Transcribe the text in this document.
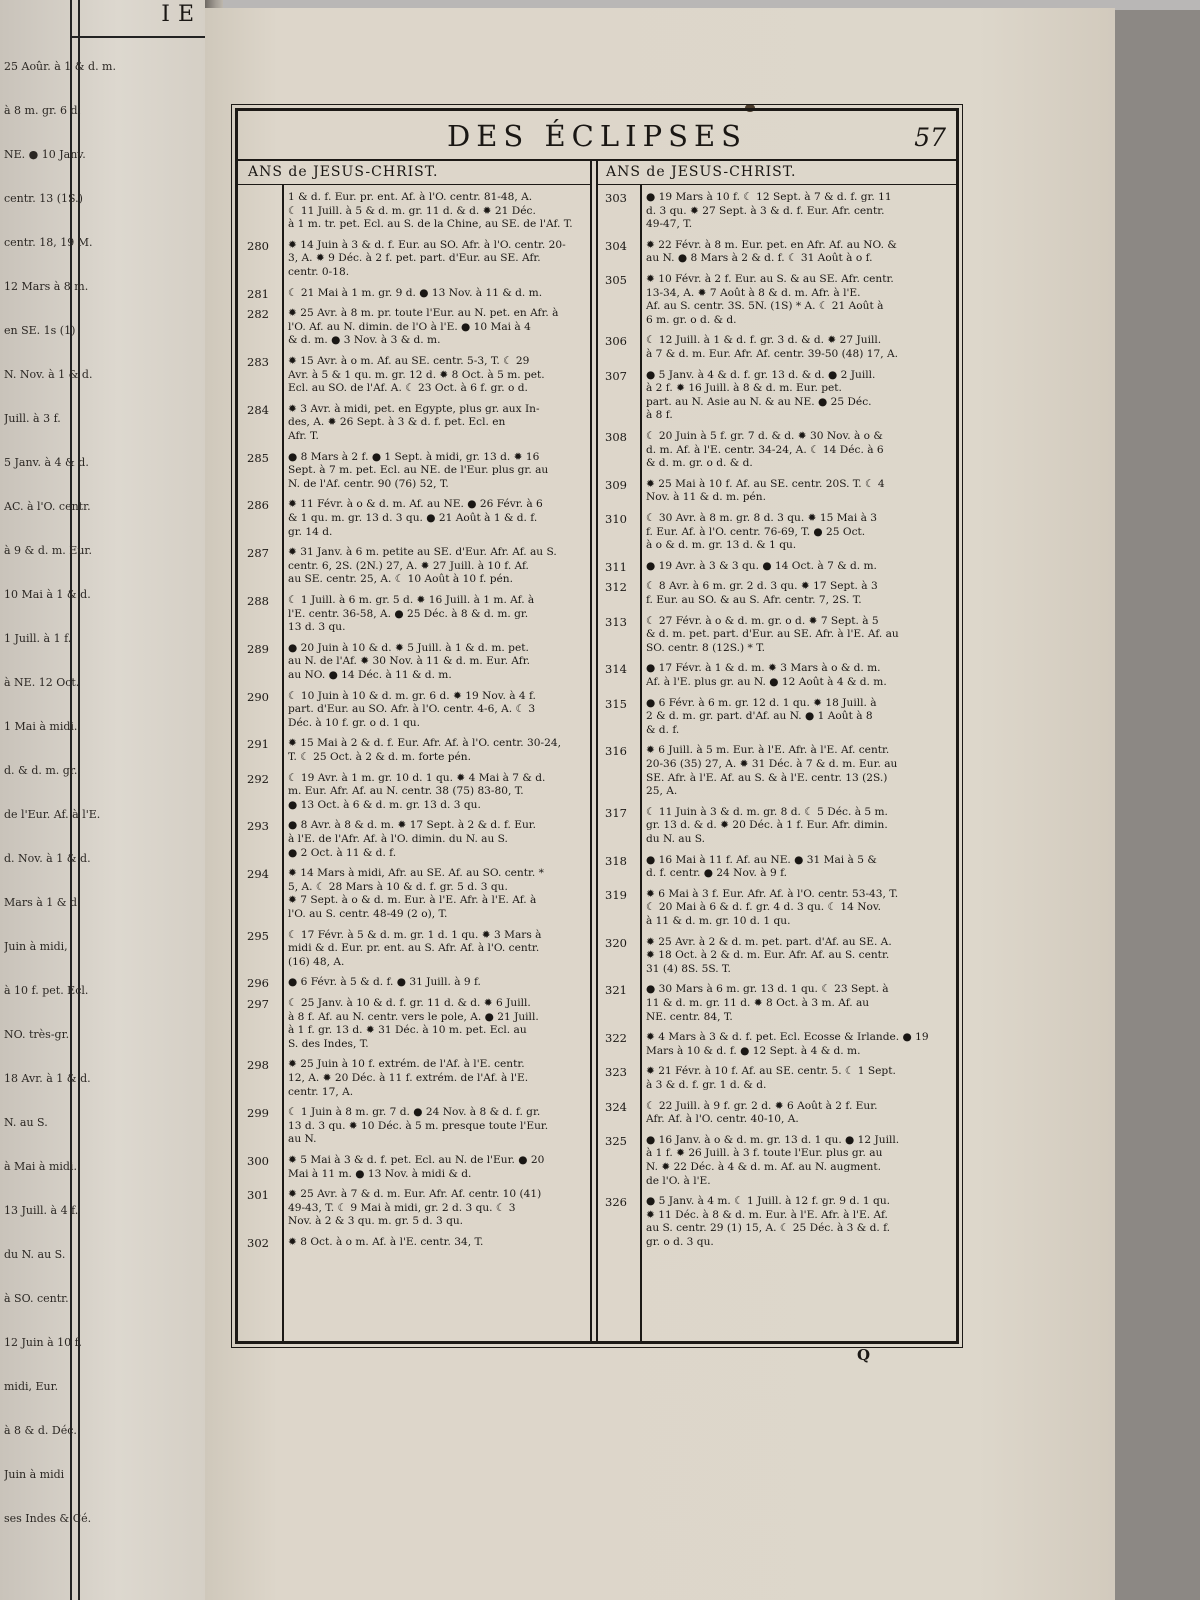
IE
25 Aoûr. à 1 & d. m.
à 8 m. gr. 6 d.
NE. ● 10 Janv.
centr. 13 (1S.)
centr. 18, 19 M.
12 Mars à 8 m.
en SE. 1s (1)
N. Nov. à 1 & d.
Juill. à 3 f.
5 Janv. à 4 & d.
AC. à l'O. centr.
à 9 & d. m. Eur.
10 Mai à 1 & d.
1 Juill. à 1 f.
à NE. 12 Oct.
1 Mai à midi.
d. & d. m. gr.
de l'Eur. Af. à l'E.
d. Nov. à 1 & d.
Mars à 1 & d.
Juin à midi,
à 10 f. pet. Ecl.
NO. très-gr.
18 Avr. à 1 & d.
N. au S.
à Mai à midi.
13 Juill. à 4 f.
du N. au S.
à SO. centr.
12 Juin à 10 f.
midi, Eur.
à 8 & d. Déc.
Juin à midi
ses Indes & Cé.
DES ÉCLIPSES	57
ANS de JESUS-CHRIST.
1 & d. f. Eur. pr. ent. Af. à l'O. centr. 81-48, A.
☾ 11 Juill. à 5 & d. m. gr. 11 d. & d. ✹ 21 Déc.
à 1 m. tr. pet. Ecl. au S. de la Chine, au SE. de l'Af. T.
280	✹ 14 Juin à 3 & d. f. Eur. au SO. Afr. à l'O. centr. 20-
3, A. ✹ 9 Déc. à 2 f. pet. part. d'Eur. au SE. Afr.
centr. 0-18.
281	☾ 21 Mai à 1 m. gr. 9 d. ● 13 Nov. à 11 & d. m.
282	✹ 25 Avr. à 8 m. pr. toute l'Eur. au N. pet. en Afr. à
l'O. Af. au N. dimin. de l'O à l'E. ● 10 Mai à 4
& d. m. ● 3 Nov. à 3 & d. m.
283	✹ 15 Avr. à o m. Af. au SE. centr. 5-3, T. ☾ 29
Avr. à 5 & 1 qu. m. gr. 12 d. ✹ 8 Oct. à 5 m. pet.
Ecl. au SO. de l'Af. A. ☾ 23 Oct. à 6 f. gr. o d.
284	✹ 3 Avr. à midi, pet. en Egypte, plus gr. aux In-
des, A. ✹ 26 Sept. à 3 & d. f. pet. Ecl. en
Afr. T.
285	● 8 Mars à 2 f. ● 1 Sept. à midi, gr. 13 d. ✹ 16
Sept. à 7 m. pet. Ecl. au NE. de l'Eur. plus gr. au
N. de l'Af. centr. 90 (76) 52, T.
286	✹ 11 Févr. à o & d. m. Af. au NE. ● 26 Févr. à 6
& 1 qu. m. gr. 13 d. 3 qu. ● 21 Août à 1 & d. f.
gr. 14 d.
287	✹ 31 Janv. à 6 m. petite au SE. d'Eur. Afr. Af. au S.
centr. 6, 2S. (2N.) 27, A. ✹ 27 Juill. à 10 f. Af.
au SE. centr. 25, A. ☾ 10 Août à 10 f. pén.
288	☾ 1 Juill. à 6 m. gr. 5 d. ✹ 16 Juill. à 1 m. Af. à
l'E. centr. 36-58, A. ● 25 Déc. à 8 & d. m. gr.
13 d. 3 qu.
289	● 20 Juin à 10 & d. ✹ 5 Juill. à 1 & d. m. pet.
au N. de l'Af. ✹ 30 Nov. à 11 & d. m. Eur. Afr.
au NO. ● 14 Déc. à 11 & d. m.
290	☾ 10 Juin à 10 & d. m. gr. 6 d. ✹ 19 Nov. à 4 f.
part. d'Eur. au SO. Afr. à l'O. centr. 4-6, A. ☾ 3
Déc. à 10 f. gr. o d. 1 qu.
291	✹ 15 Mai à 2 & d. f. Eur. Afr. Af. à l'O. centr. 30-24,
T. ☾ 25 Oct. à 2 & d. m. forte pén.
292	☾ 19 Avr. à 1 m. gr. 10 d. 1 qu. ✹ 4 Mai à 7 & d.
m. Eur. Afr. Af. au N. centr. 38 (75) 83-80, T.
● 13 Oct. à 6 & d. m. gr. 13 d. 3 qu.
293	● 8 Avr. à 8 & d. m. ✹ 17 Sept. à 2 & d. f. Eur.
à l'E. de l'Afr. Af. à l'O. dimin. du N. au S.
● 2 Oct. à 11 & d. f.
294	✹ 14 Mars à midi, Afr. au SE. Af. au SO. centr. *
5, A. ☾ 28 Mars à 10 & d. f. gr. 5 d. 3 qu.
✹ 7 Sept. à o & d. m. Eur. à l'E. Afr. à l'E. Af. à
l'O. au S. centr. 48-49 (2 o), T.
295	☾ 17 Févr. à 5 & d. m. gr. 1 d. 1 qu. ✹ 3 Mars à
midi & d. Eur. pr. ent. au S. Afr. Af. à l'O. centr.
(16) 48, A.
296	● 6 Févr. à 5 & d. f. ● 31 Juill. à 9 f.
297	☾ 25 Janv. à 10 & d. f. gr. 11 d. & d. ✹ 6 Juill.
à 8 f. Af. au N. centr. vers le pole, A. ● 21 Juill.
à 1 f. gr. 13 d. ✹ 31 Déc. à 10 m. pet. Ecl. au
S. des Indes, T.
298	✹ 25 Juin à 10 f. extrém. de l'Af. à l'E. centr.
12, A. ✹ 20 Déc. à 11 f. extrém. de l'Af. à l'E.
centr. 17, A.
299	☾ 1 Juin à 8 m. gr. 7 d. ● 24 Nov. à 8 & d. f. gr.
13 d. 3 qu. ✹ 10 Déc. à 5 m. presque toute l'Eur.
au N.
300	✹ 5 Mai à 3 & d. f. pet. Ecl. au N. de l'Eur. ● 20
Mai à 11 m. ● 13 Nov. à midi & d.
301	✹ 25 Avr. à 7 & d. m. Eur. Afr. Af. centr. 10 (41)
49-43, T. ☾ 9 Mai à midi, gr. 2 d. 3 qu. ☾ 3
Nov. à 2 & 3 qu. m. gr. 5 d. 3 qu.
302	✹ 8 Oct. à o m. Af. à l'E. centr. 34, T.
ANS de JESUS-CHRIST.
303	● 19 Mars à 10 f. ☾ 12 Sept. à 7 & d. f. gr. 11
d. 3 qu. ✹ 27 Sept. à 3 & d. f. Eur. Afr. centr.
49-47, T.
304	✹ 22 Févr. à 8 m. Eur. pet. en Afr. Af. au NO. &
au N. ● 8 Mars à 2 & d. f. ☾ 31 Août à o f.
305	✹ 10 Févr. à 2 f. Eur. au S. & au SE. Afr. centr.
13-34, A. ✹ 7 Août à 8 & d. m. Afr. à l'E.
Af. au S. centr. 3S. 5N. (1S) * A. ☾ 21 Août à
6 m. gr. o d. & d.
306	☾ 12 Juill. à 1 & d. f. gr. 3 d. & d. ✹ 27 Juill.
à 7 & d. m. Eur. Afr. Af. centr. 39-50 (48) 17, A.
307	● 5 Janv. à 4 & d. f. gr. 13 d. & d. ● 2 Juill.
à 2 f. ✹ 16 Juill. à 8 & d. m. Eur. pet.
part. au N. Asie au N. & au NE. ● 25 Déc.
à 8 f.
308	☾ 20 Juin à 5 f. gr. 7 d. & d. ✹ 30 Nov. à o &
d. m. Af. à l'E. centr. 34-24, A. ☾ 14 Déc. à 6
& d. m. gr. o d. & d.
309	✹ 25 Mai à 10 f. Af. au SE. centr. 20S. T. ☾ 4
Nov. à 11 & d. m. pén.
310	☾ 30 Avr. à 8 m. gr. 8 d. 3 qu. ✹ 15 Mai à 3
f. Eur. Af. à l'O. centr. 76-69, T. ● 25 Oct.
à o & d. m. gr. 13 d. & 1 qu.
311	● 19 Avr. à 3 & 3 qu. ● 14 Oct. à 7 & d. m.
312	☾ 8 Avr. à 6 m. gr. 2 d. 3 qu. ✹ 17 Sept. à 3
f. Eur. au SO. & au S. Afr. centr. 7, 2S. T.
313	☾ 27 Févr. à o & d. m. gr. o d. ✹ 7 Sept. à 5
& d. m. pet. part. d'Eur. au SE. Afr. à l'E. Af. au
SO. centr. 8 (12S.) * T.
314	● 17 Févr. à 1 & d. m. ✹ 3 Mars à o & d. m.
Af. à l'E. plus gr. au N. ● 12 Août à 4 & d. m.
315	● 6 Févr. à 6 m. gr. 12 d. 1 qu. ✹ 18 Juill. à
2 & d. m. gr. part. d'Af. au N. ● 1 Août à 8
& d. f.
316	✹ 6 Juill. à 5 m. Eur. à l'E. Afr. à l'E. Af. centr.
20-36 (35) 27, A. ✹ 31 Déc. à 7 & d. m. Eur. au
SE. Afr. à l'E. Af. au S. & à l'E. centr. 13 (2S.)
25, A.
317	☾ 11 Juin à 3 & d. m. gr. 8 d. ☾ 5 Déc. à 5 m.
gr. 13 d. & d. ✹ 20 Déc. à 1 f. Eur. Afr. dimin.
du N. au S.
318	● 16 Mai à 11 f. Af. au NE. ● 31 Mai à 5 &
d. f. centr. ● 24 Nov. à 9 f.
319	✹ 6 Mai à 3 f. Eur. Afr. Af. à l'O. centr. 53-43, T.
☾ 20 Mai à 6 & d. f. gr. 4 d. 3 qu. ☾ 14 Nov.
à 11 & d. m. gr. 10 d. 1 qu.
320	✹ 25 Avr. à 2 & d. m. pet. part. d'Af. au SE. A.
✹ 18 Oct. à 2 & d. m. Eur. Afr. Af. au S. centr.
31 (4) 8S. 5S. T.
321	● 30 Mars à 6 m. gr. 13 d. 1 qu. ☾ 23 Sept. à
11 & d. m. gr. 11 d. ✹ 8 Oct. à 3 m. Af. au
NE. centr. 84, T.
322	✹ 4 Mars à 3 & d. f. pet. Ecl. Ecosse & Irlande. ● 19
Mars à 10 & d. f. ● 12 Sept. à 4 & d. m.
323	✹ 21 Févr. à 10 f. Af. au SE. centr. 5. ☾ 1 Sept.
à 3 & d. f. gr. 1 d. & d.
324	☾ 22 Juill. à 9 f. gr. 2 d. ✹ 6 Août à 2 f. Eur.
Afr. Af. à l'O. centr. 40-10, A.
325	● 16 Janv. à o & d. m. gr. 13 d. 1 qu. ● 12 Juill.
à 1 f. ✹ 26 Juill. à 3 f. toute l'Eur. plus gr. au
N. ✹ 22 Déc. à 4 & d. m. Af. au N. augment.
de l'O. à l'E.
326	● 5 Janv. à 4 m. ☾ 1 Juill. à 12 f. gr. 9 d. 1 qu.
✹ 11 Déc. à 8 & d. m. Eur. à l'E. Afr. à l'E. Af.
au S. centr. 29 (1) 15, A. ☾ 25 Déc. à 3 & d. f.
gr. o d. 3 qu.
Q
